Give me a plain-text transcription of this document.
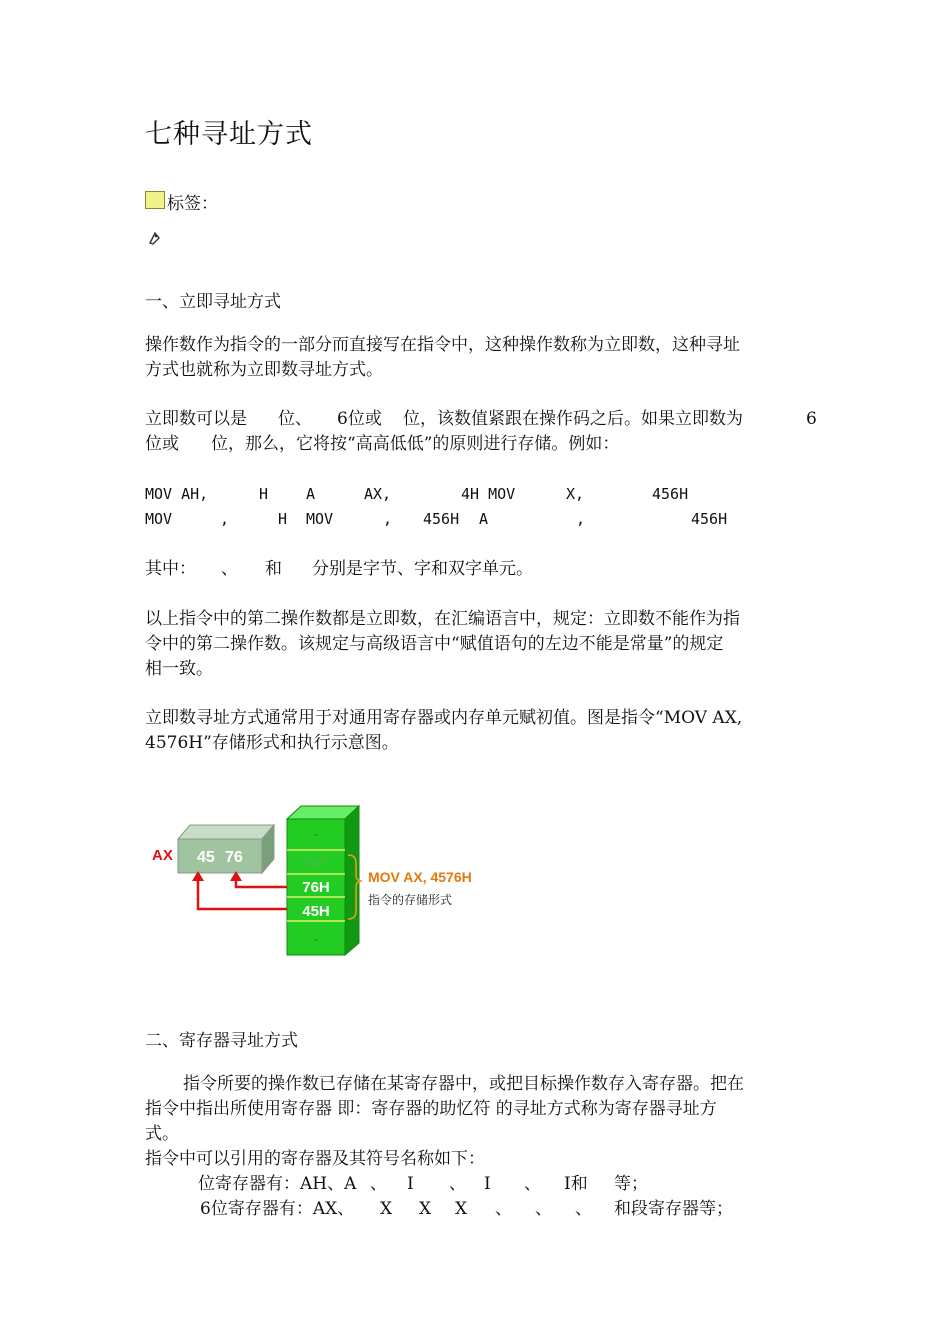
七种寻址方式

标签：
一、立即寻址方式
操作数作为指令的一部分而直接写在指令中，这种操作数称为立即数，这种寻址
方式也就称为立即数寻址方式。
立即数可以是 位、 6位或 位，该数值紧跟在操作码之后。如果立即数为	6
位或 位，那么，它将按“高高低低”的原则进行存储。例如：
MOV AH,	H	A	AX,	4H MOV	X,	456H
MOV	,	H MOV	, 456H A	,	456H
其中： 、 和 分别是字节、字和双字单元。
以上指令中的第二操作数都是立即数，在汇编语言中，规定：立即数不能作为指
令中的第二操作数。该规定与高级语言中“赋值语句的左边不能是常量”的规定
相一致。
立即数寻址方式通常用于对通用寄存器或内存单元赋初值。图是指令“MOV AX,
4576H”存储形式和执行示意图。
AX 45 76
-
OP
76H
45H
-
MOV AX, 4576H
指令的存储形式
二、寄存器寻址方式
指令所要的操作数已存储在某寄存器中，或把目标操作数存入寄存器。把在
指令中指出所使用寄存器 即：寄存器的助忆符 的寻址方式称为寄存器寻址方
式。
指令中可以引用的寄存器及其符号名称如下：
位寄存器有：AH、A 、 I 、 I 、 I和 等；
6位寄存器有：AX、 X X X 、 、 、 和段寄存器等；
